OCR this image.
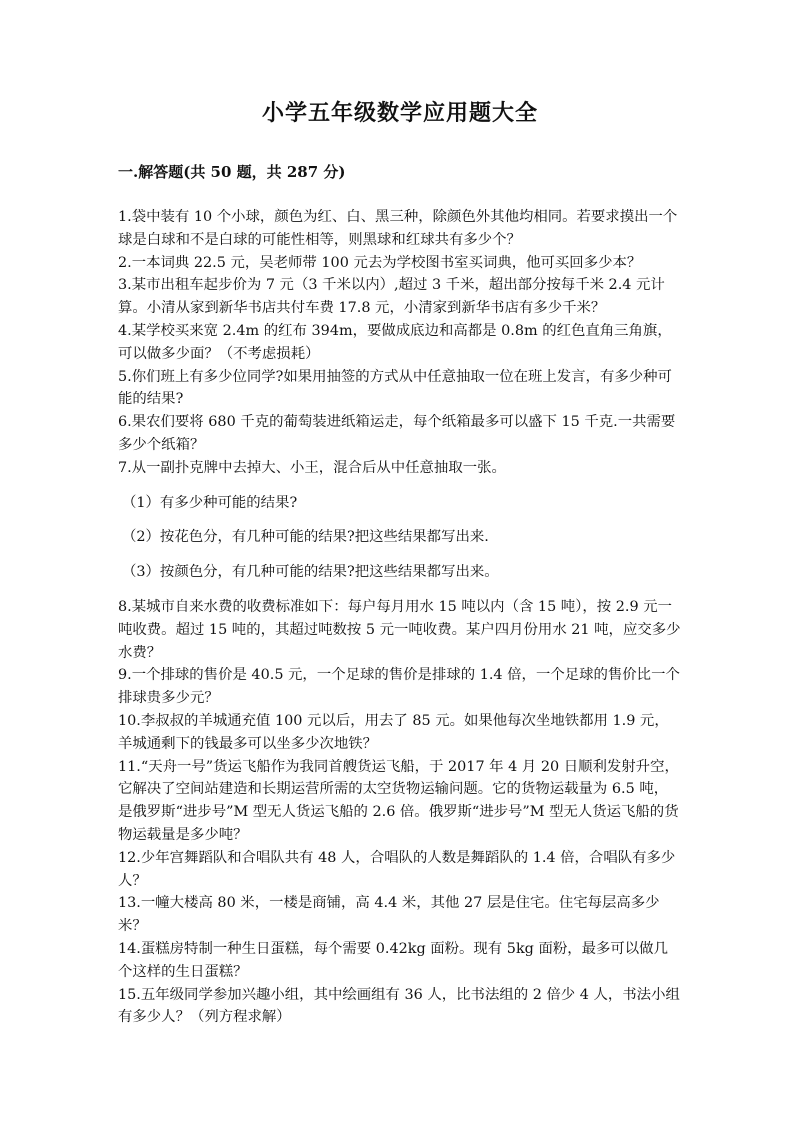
小学五年级数学应用题大全
一.解答题(共 50 题，共 287 分)

1.袋中装有 10 个小球，颜色为红、白、黑三种，除颜色外其他均相同。若要求摸出一个球是白球和不是白球的可能性相等，则黑球和红球共有多少个？

2.一本词典 22.5 元，吴老师带 100 元去为学校图书室买词典，他可买回多少本？

3.某市出租车起步价为 7 元（3 千米以内）,超过 3 千米，超出部分按每千米 2.4 元计算。小清从家到新华书店共付车费 17.8 元，小清家到新华书店有多少千米？

4.某学校买来宽 2.4m 的红布 394m，要做成底边和高都是 0.8m 的红色直角三角旗，可以做多少面？（不考虑损耗）

5.你们班上有多少位同学?如果用抽签的方式从中任意抽取一位在班上发言，有多少种可能的结果?

6.果农们要将 680 千克的葡萄装进纸箱运走，每个纸箱最多可以盛下 15 千克.一共需要多少个纸箱？

7.从一副扑克牌中去掉大、小王，混合后从中任意抽取一张。

（1）有多少种可能的结果?

（2）按花色分，有几种可能的结果?把这些结果都写出来.

（3）按颜色分，有几种可能的结果?把这些结果都写出来。

8.某城市自来水费的收费标准如下：每户每月用水 15 吨以内（含 15 吨），按 2.9 元一吨收费。超过 15 吨的，其超过吨数按 5 元一吨收费。某户四月份用水 21 吨，应交多少水费？

9.一个排球的售价是 40.5 元，一个足球的售价是排球的 1.4 倍，一个足球的售价比一个排球贵多少元？

10.李叔叔的羊城通充值 100 元以后，用去了 85 元。如果他每次坐地铁都用 1.9 元，羊城通剩下的钱最多可以坐多少次地铁？

11.“天舟一号”货运飞船作为我同首艘货运飞船，于 2017 年 4 月 20 日顺利发射升空，它解决了空间站建造和长期运营所需的太空货物运输问题。它的货物运载量为 6.5 吨，是俄罗斯“进步号”M 型无人货运飞船的 2.6 倍。俄罗斯“进步号”M 型无人货运飞船的货物运载量是多少吨？

12.少年宫舞蹈队和合唱队共有 48 人，合唱队的人数是舞蹈队的 1.4 倍，合唱队有多少人？

13.一幢大楼高 80 米，一楼是商铺，高 4.4 米，其他 27 层是住宅。住宅每层高多少米？

14.蛋糕房特制一种生日蛋糕，每个需要 0.42kg 面粉。现有 5kg 面粉，最多可以做几个这样的生日蛋糕？

15.五年级同学参加兴趣小组，其中绘画组有 36 人，比书法组的 2 倍少 4 人，书法小组有多少人？（列方程求解）
